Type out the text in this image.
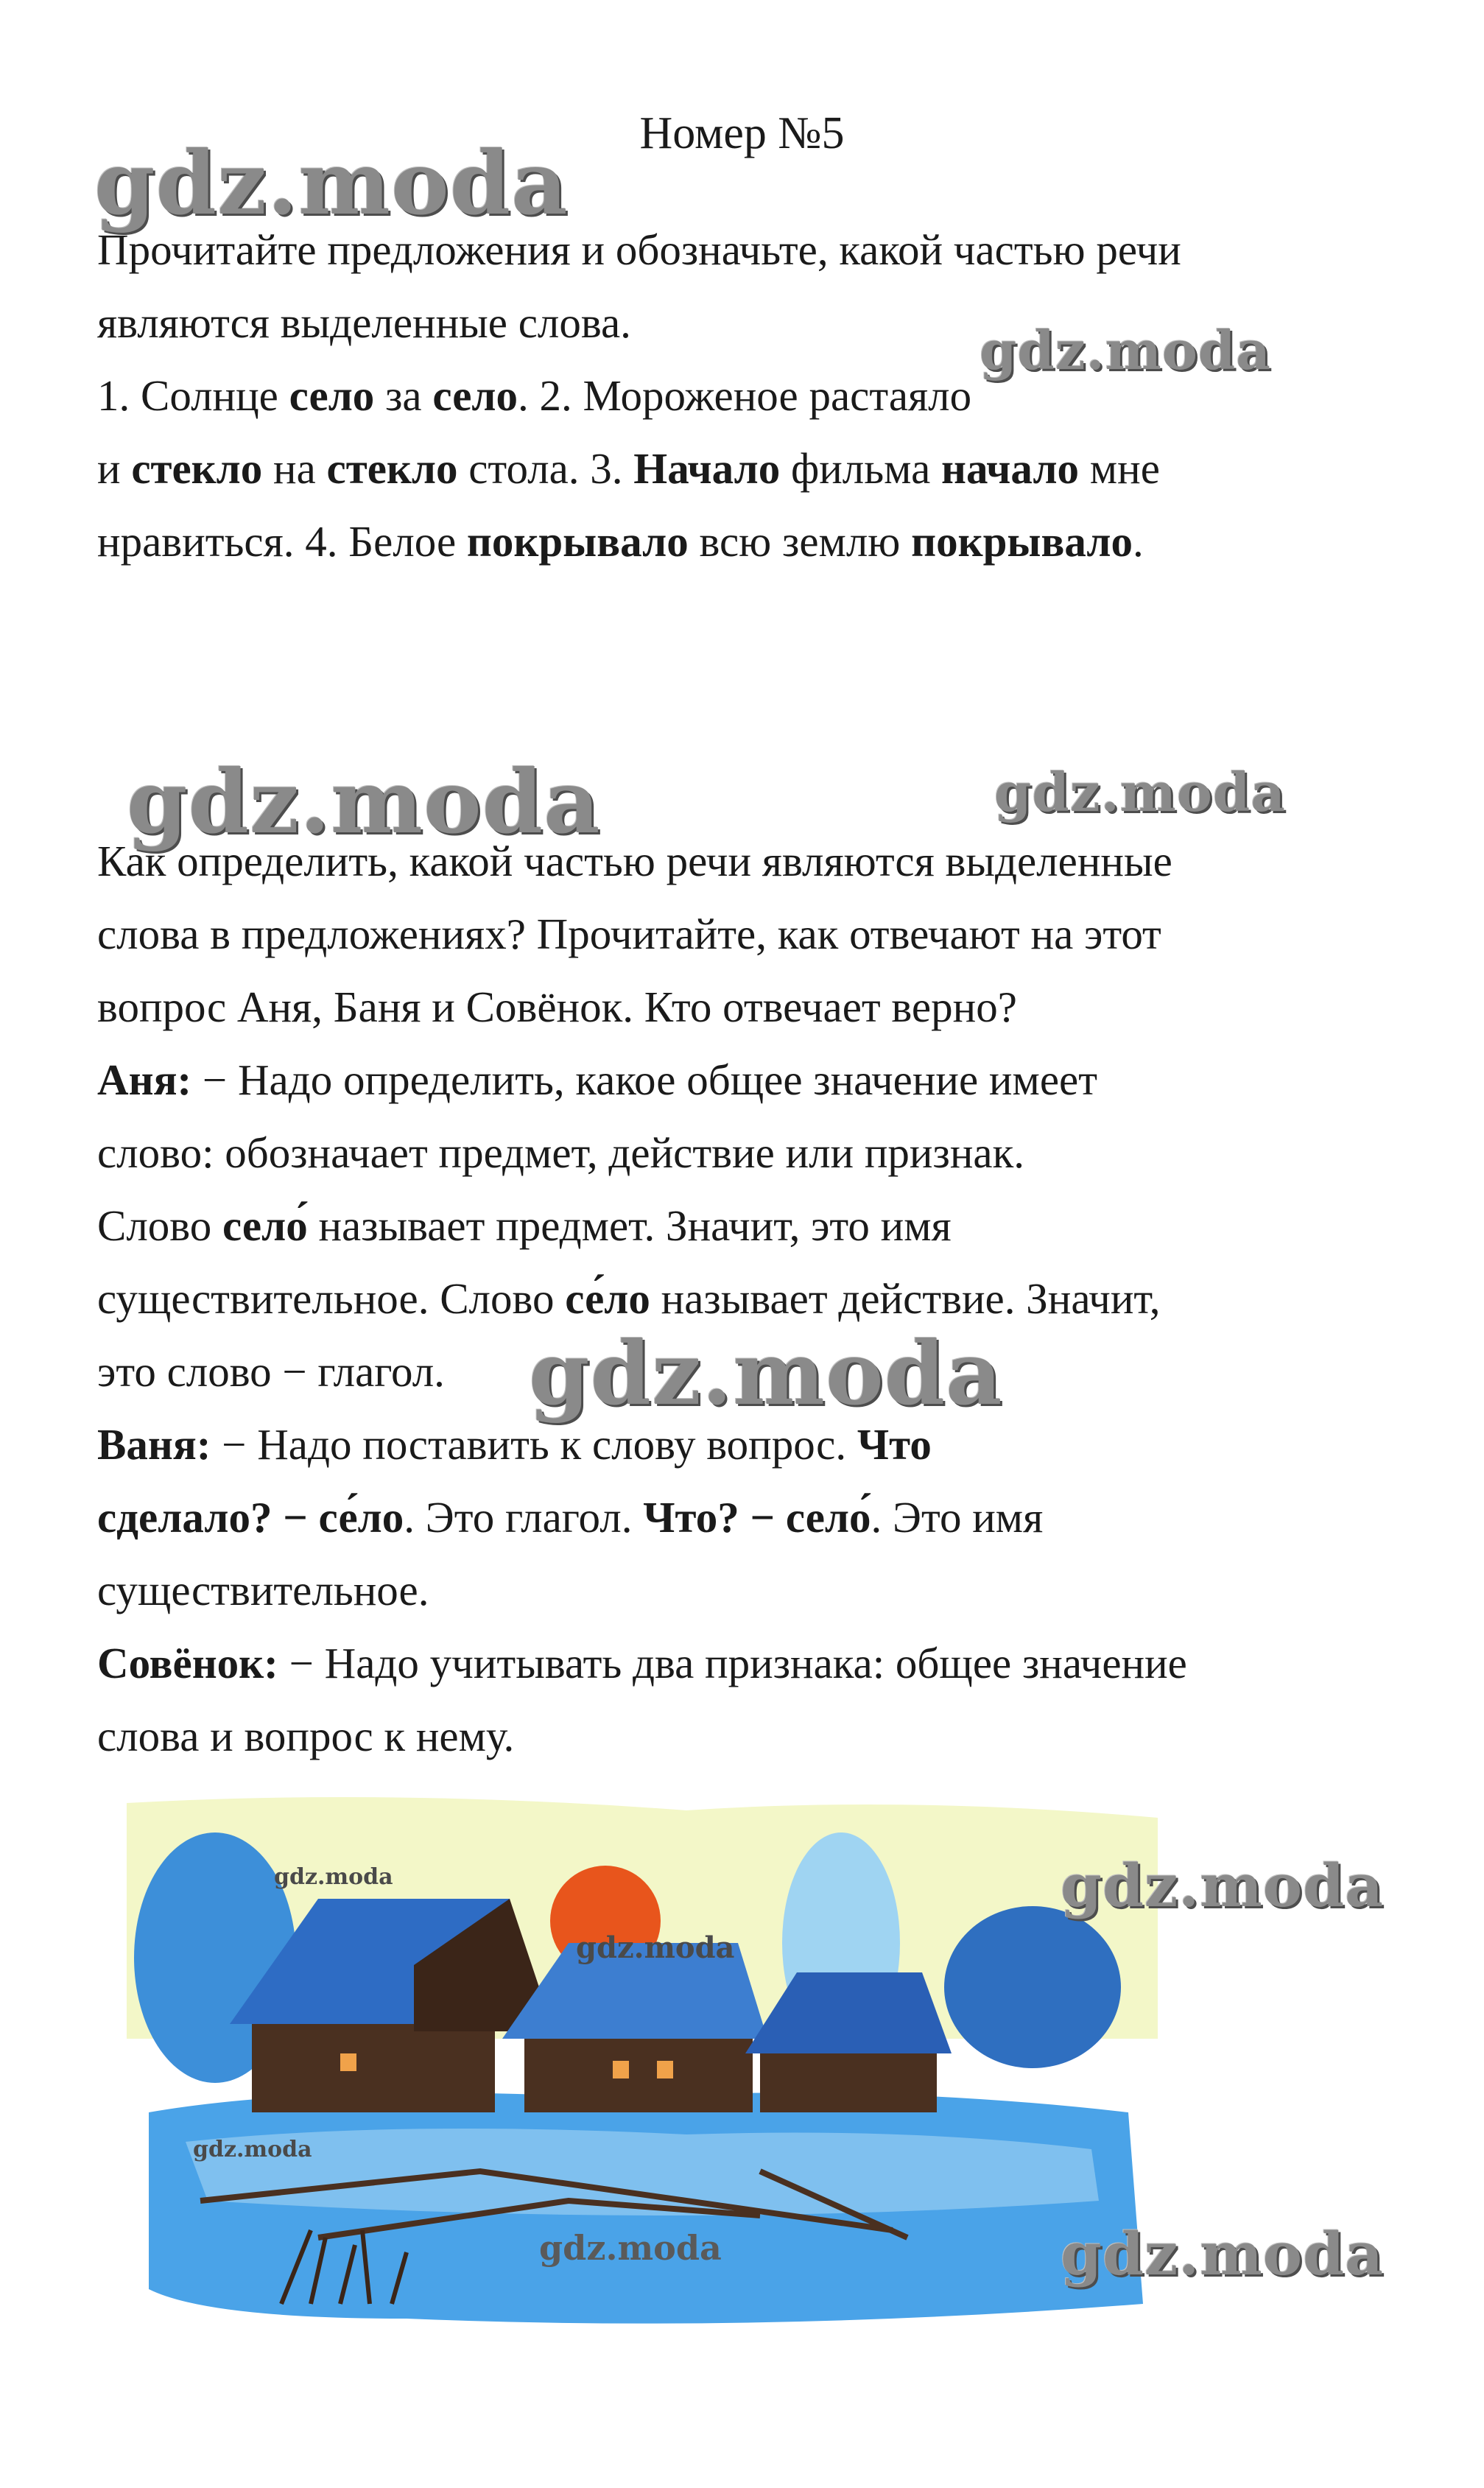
Номер №5
gdz.moda
gdz.moda
gdz.moda	gdz.moda
gdz.moda

Прочитайте предложения и обозначьте, какой частью речи

являются выделенные слова.

1. Солнце село за село. 2. Мороженое растаяло

и стекло на стекло стола. 3. Начало фильма начало мне

нравиться. 4. Белое покрывало всю землю покрывало.

Как определить, какой частью речи являются выделенные

слова в предложениях? Прочитайте, как отвечают на этот

вопрос Аня, Баня и Совёнок. Кто отвечает верно?

Аня: − Надо определить, какое общее значение имеет

слово: обозначает предмет, действие или признак.

Слово село́ называет предмет. Значит, это имя

существительное. Слово се́ло называет действие. Значит,

это слово − глагол.

Ваня: − Надо поставить к слову вопрос. Что

сделало? − се́ло. Это глагол. Что? − село́. Это имя

существительное.

Совёнок: − Надо учитывать два признака: общее значение

слова и вопрос к нему.

gdz.moda
gdz.moda
gdz.moda
gdz.moda
gdz.moda
gdz.moda
